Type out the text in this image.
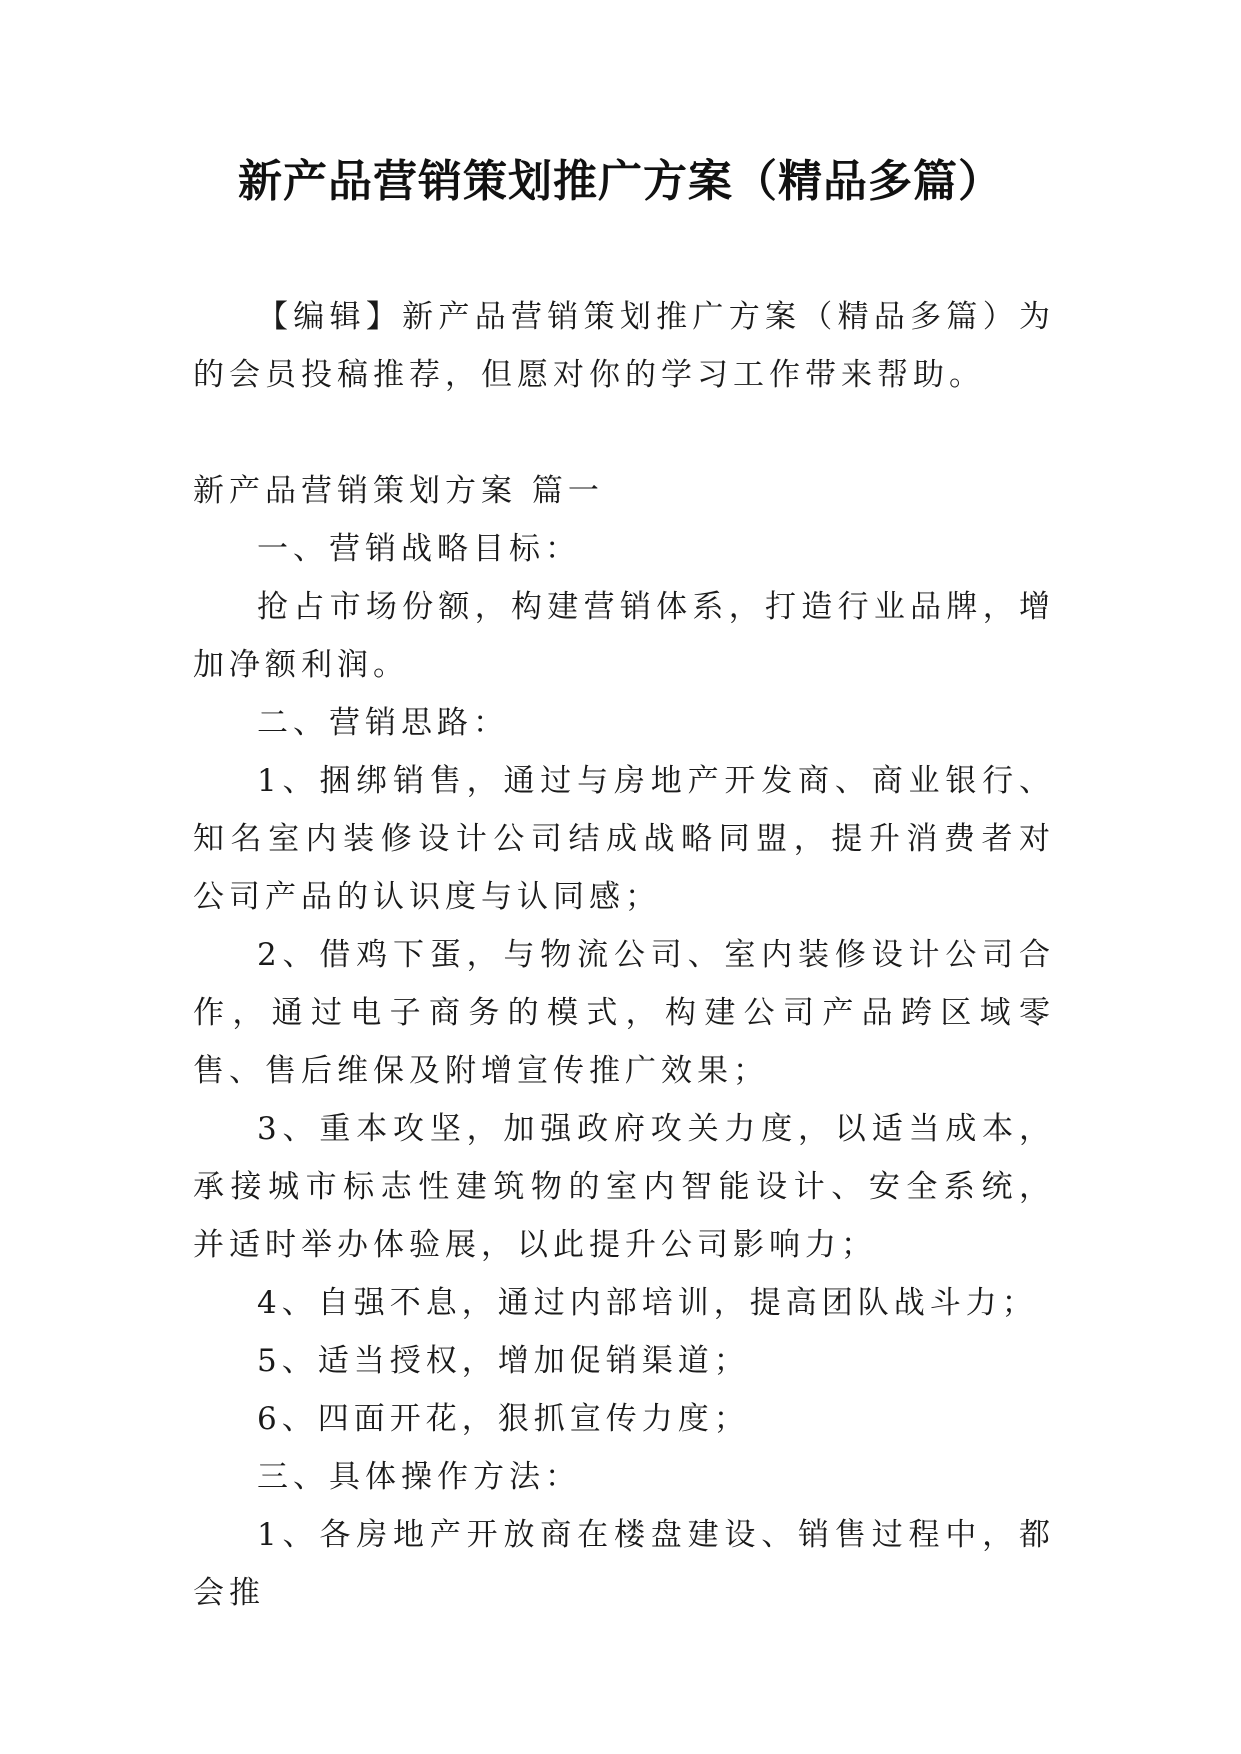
新产品营销策划推广方案（精品多篇）

【编辑】新产品营销策划推广方案（精品多篇）为的会员投稿推荐，但愿对你的学习工作带来帮助。

新产品营销策划方案 篇一

一、营销战略目标：

抢占市场份额，构建营销体系，打造行业品牌，增加净额利润。

二、营销思路：

1、捆绑销售，通过与房地产开发商、商业银行、知名室内装修设计公司结成战略同盟，提升消费者对公司产品的认识度与认同感；

2、借鸡下蛋，与物流公司、室内装修设计公司合作，通过电子商务的模式，构建公司产品跨区域零售、售后维保及附增宣传推广效果；

3、重本攻坚，加强政府攻关力度，以适当成本，承接城市标志性建筑物的室内智能设计、安全系统，并适时举办体验展，以此提升公司影响力；

4、自强不息，通过内部培训，提高团队战斗力；

5、适当授权，增加促销渠道；

6、四面开花，狠抓宣传力度；

三、具体操作方法：

1、各房地产开放商在楼盘建设、销售过程中，都会推
